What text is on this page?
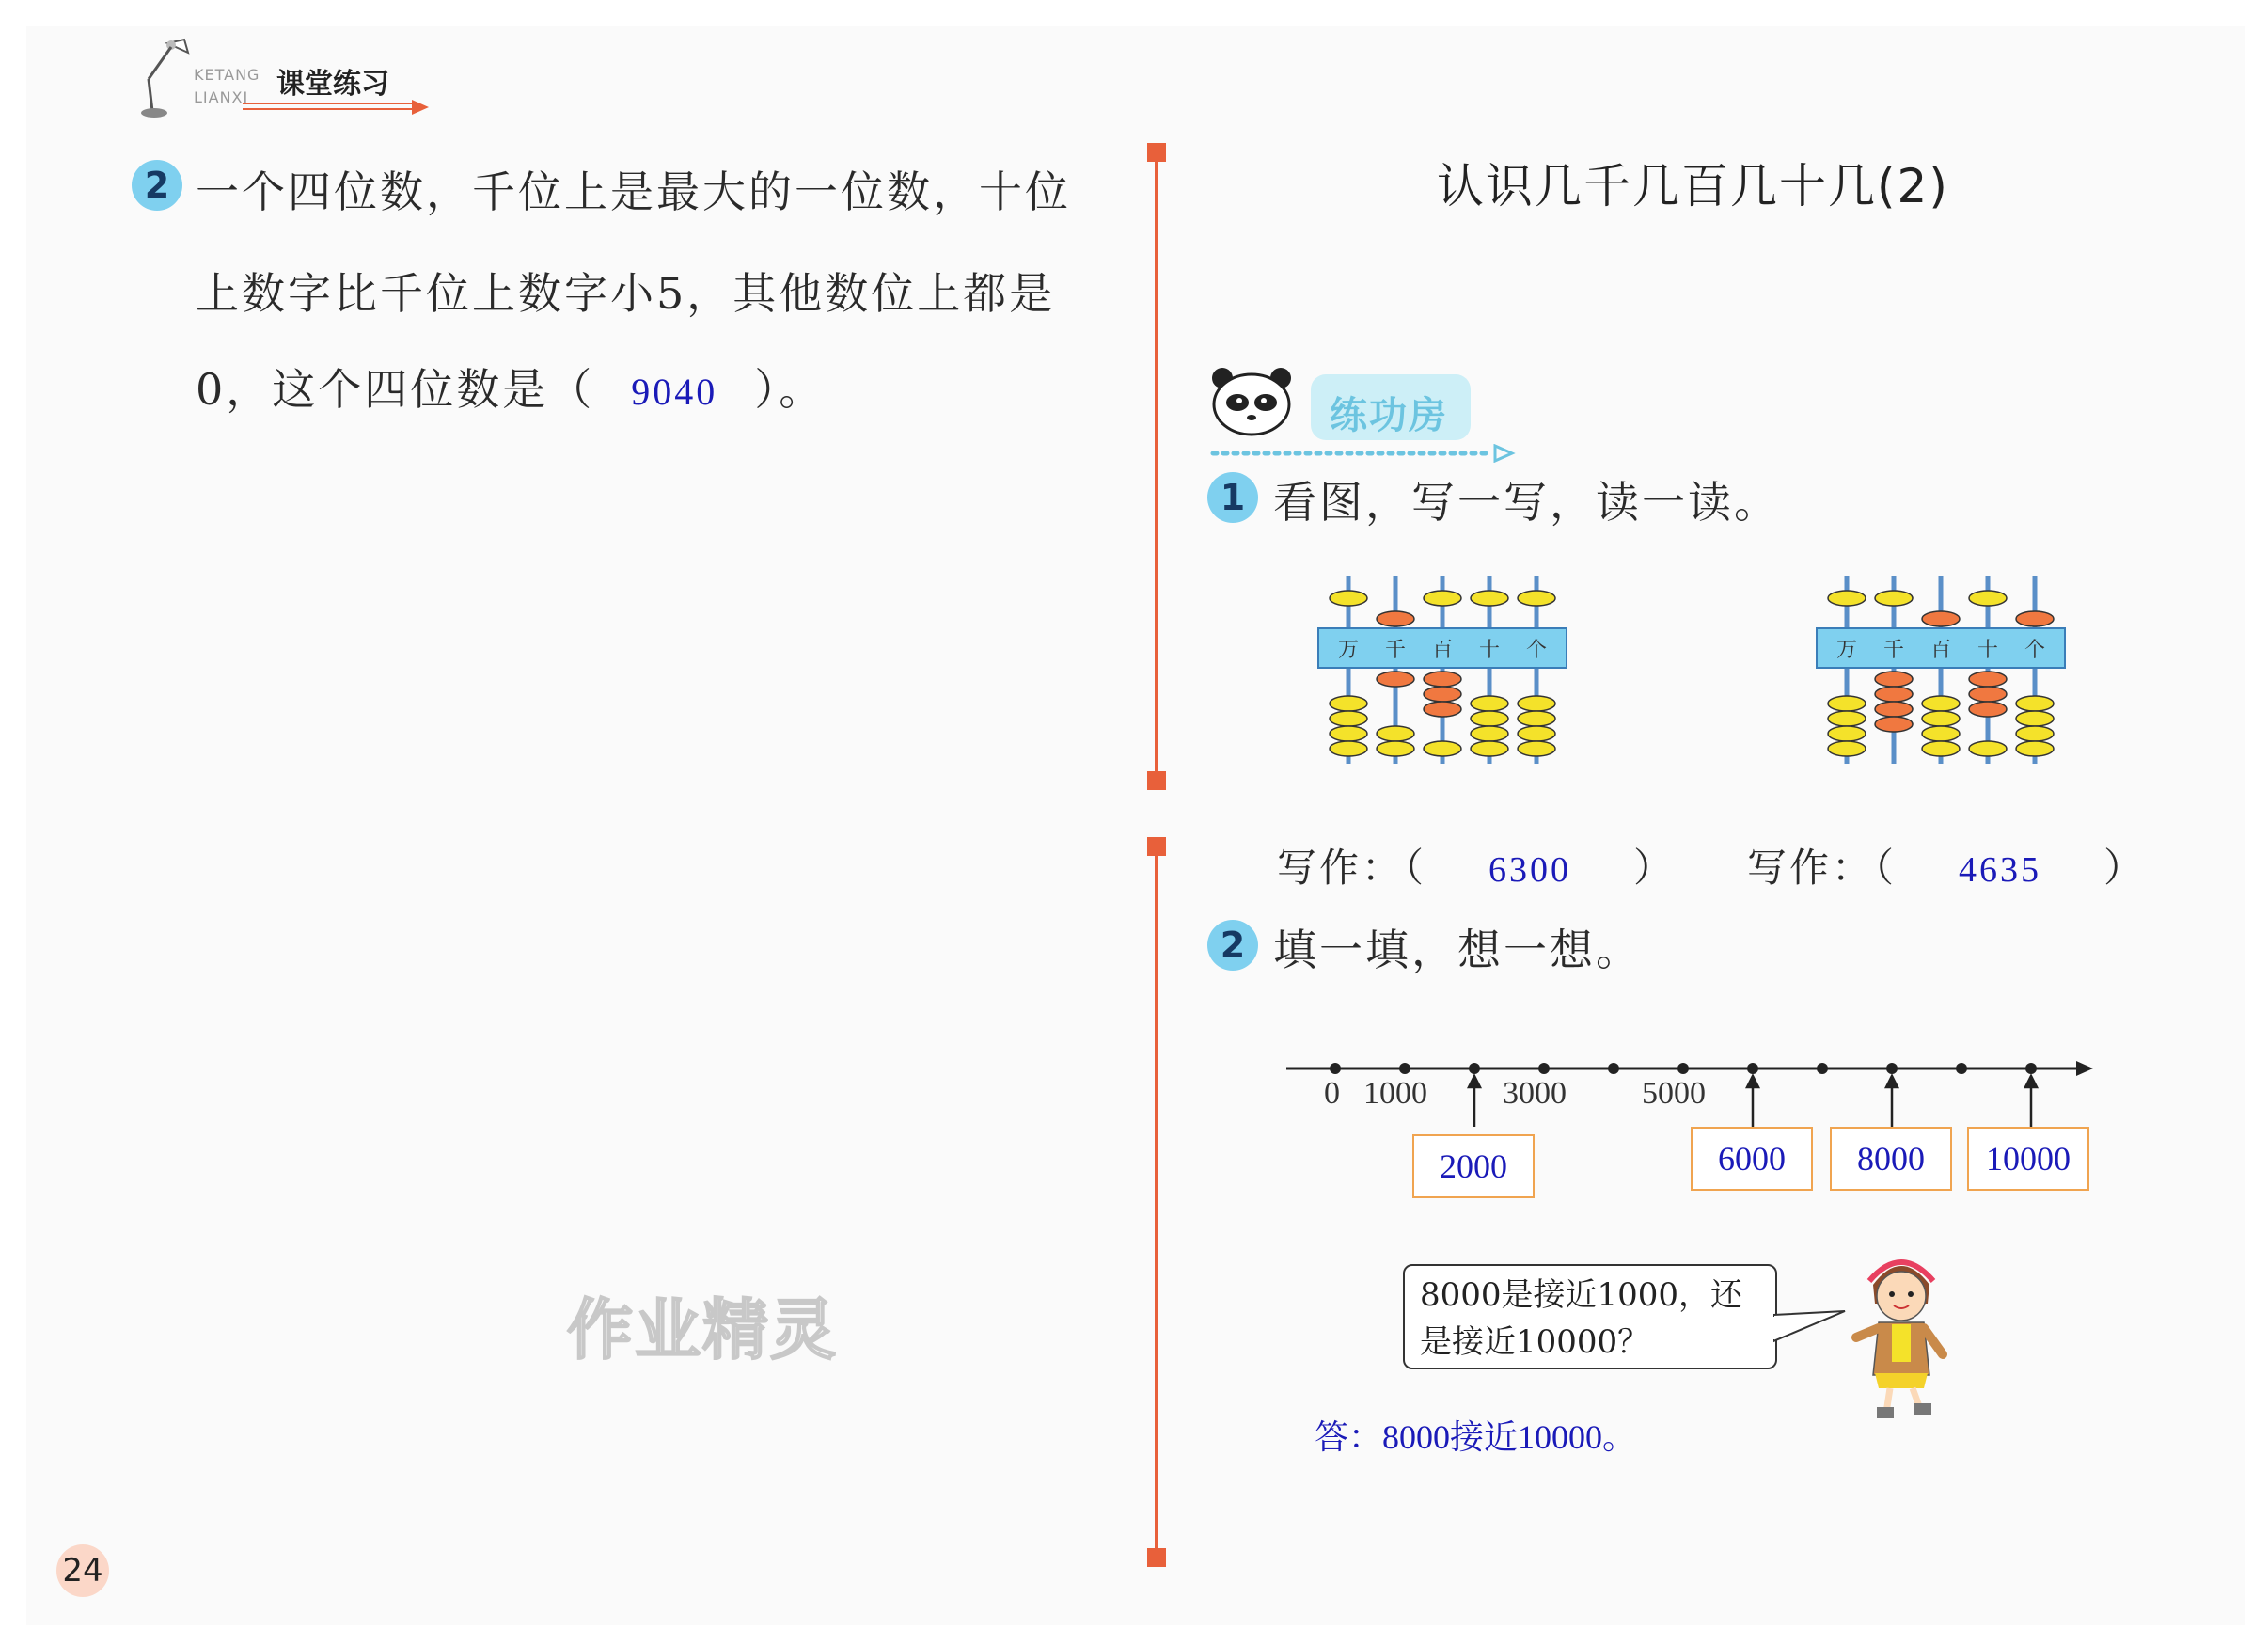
KETANG
LIANXI 课堂练习
2 一个四位数，千位上是最大的一位数，十位
上数字比千位上数字小5，其他数位上都是
0，这个四位数是（ 9040 ）。
作业精灵
24
认识几千几百几十几(2)
练功房
1 看图，写一写，读一读。
万 千 百 十 个	万 千 百 十 个
写作：（ 6300 ） 写作：（ 4635 ）
2 填一填，想一想。
0 1000 3000 5000
2000	6000	8000	10000
8000是接近1000，还
是接近10000？
答：8000接近10000。
